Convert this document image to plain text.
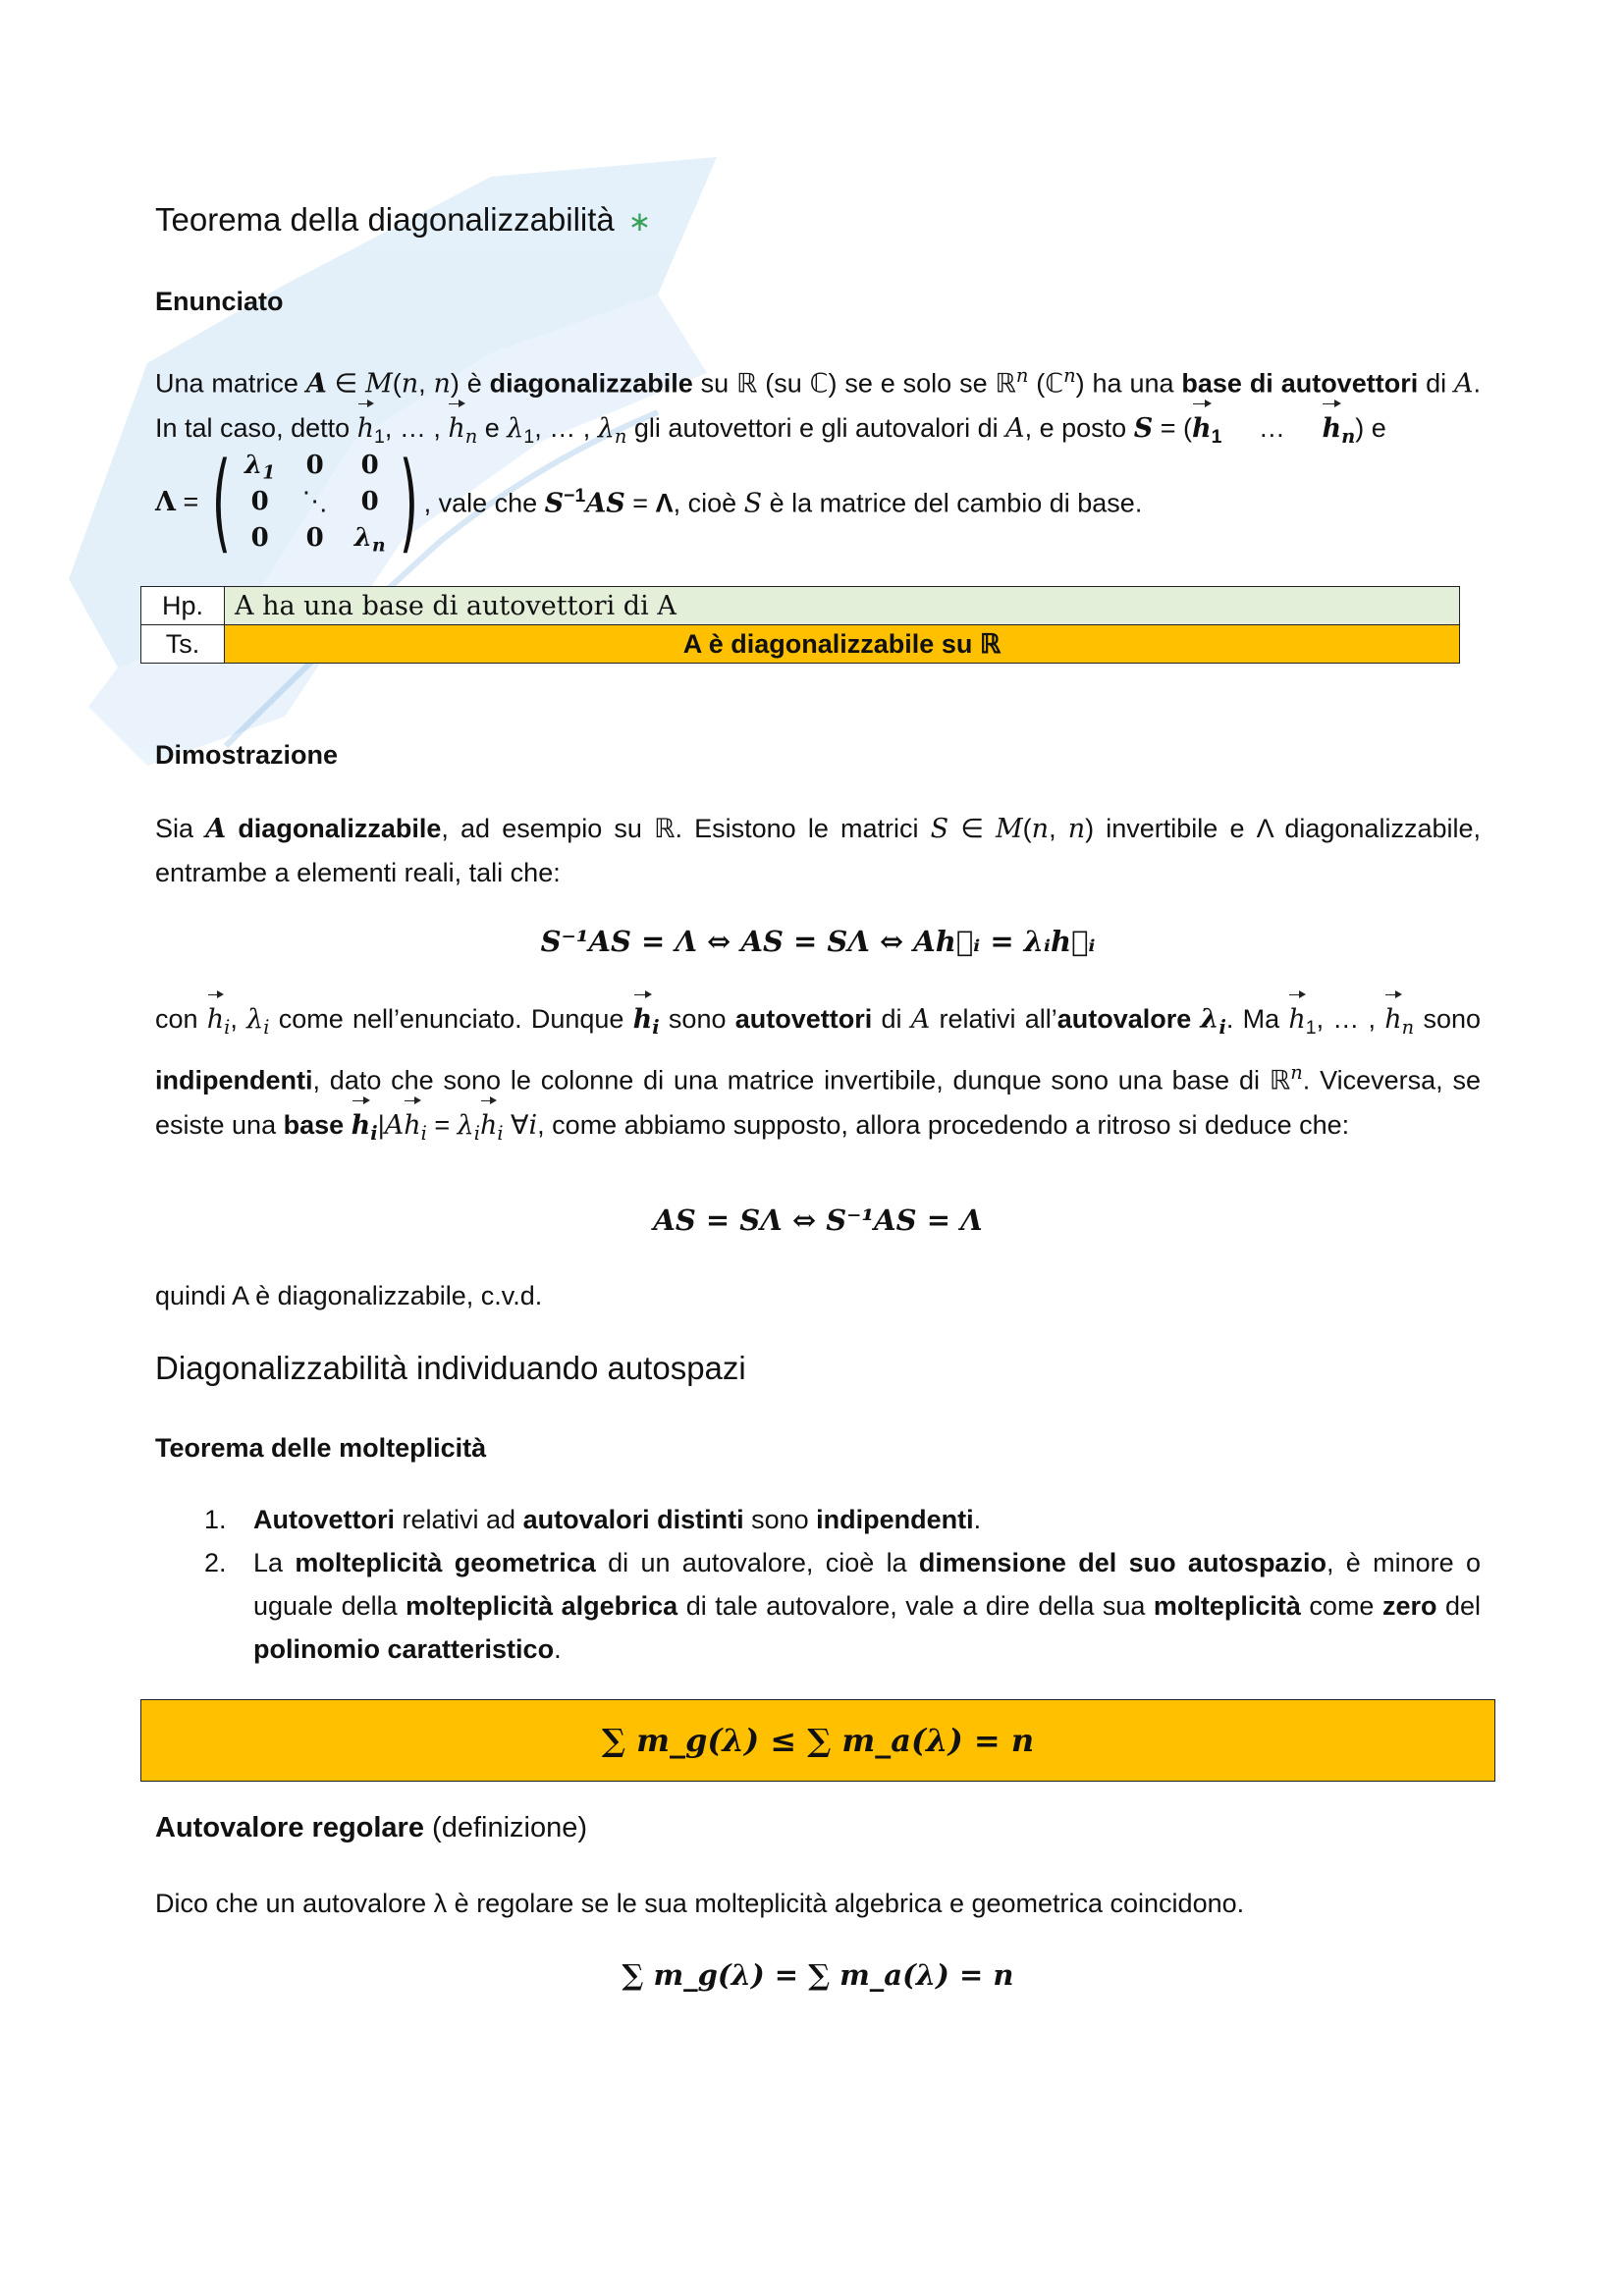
Teorema della diagonalizzabilità ∗
Enunciato
Una matrice A ∈ M(n, n) è diagonalizzabile su ℝ (su ℂ) se e solo se ℝ$^n$ (ℂ$^n$) ha una base di autovettori di A. In tal caso, detto $h_1$, … , $h_n$ e $\lambda_1$, … , $\lambda_n$ gli autovettori e gli autovalori di A, e posto $S = (h_1$     …     $h_n$) e
Λ = ( $\lambda_1$	0	0
0	⋱	0
0	0	$\lambda_n$ ) , vale che $S^{-1}AS = \Lambda$, cioè S è la matrice del cambio di base.
Hp.	A ha una base di autovettori di A
Ts.	A è diagonalizzabile su ℝ
Dimostrazione
Sia A diagonalizzabile, ad esempio su ℝ. Esistono le matrici S ∈ M(n, n) invertibile e Λ diagonalizzabile, entrambe a elementi reali, tali che:
S⁻¹AS = Λ ⇔ AS = SΛ ⇔ Ah⃗ᵢ = λᵢh⃗ᵢ
con $h_i$, $\lambda_i$ come nell’enunciato. Dunque $h_i$ sono autovettori di A relativi all’autovalore $\lambda_i$. Ma $h_1$, … , $h_n$ sono indipendenti, dato che sono le colonne di una matrice invertibile, dunque sono una base di ℝ$^n$. Viceversa, se esiste una base $h_i|Ah_i = \lambda_ih_i$ ∀i, come abbiamo supposto, allora procedendo a ritroso si deduce che:
AS = SΛ ⇔ S⁻¹AS = Λ
quindi A è diagonalizzabile, c.v.d.
Diagonalizzabilità individuando autospazi
Teorema delle molteplicità
1. Autovettori relativi ad autovalori distinti sono indipendenti.
2. La molteplicità geometrica di un autovalore, cioè la dimensione del suo autospazio, è minore o uguale della molteplicità algebrica di tale autovalore, vale a dire della sua molteplicità come zero del polinomio caratteristico.
∑ m_g(λ) ≤ ∑ m_a(λ) = n
Autovalore regolare (definizione)
Dico che un autovalore λ è regolare se le sua molteplicità algebrica e geometrica coincidono.
∑ m_g(λ) = ∑ m_a(λ) = n
